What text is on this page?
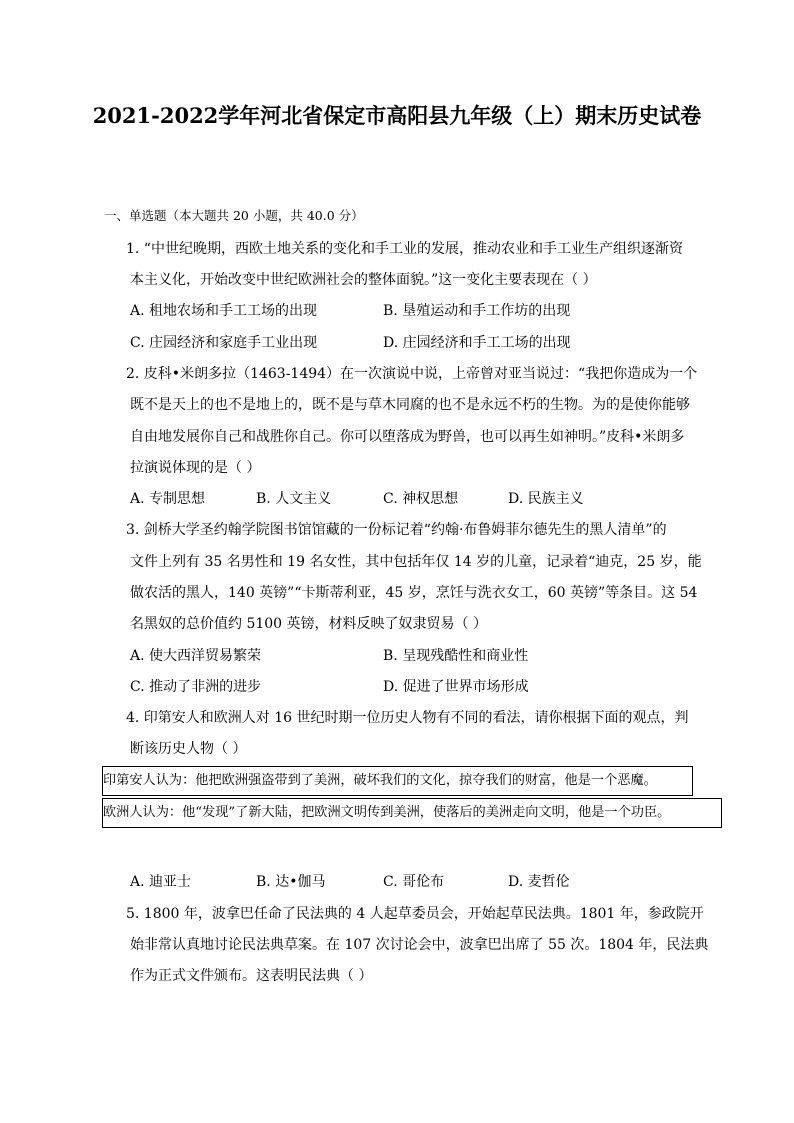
2021-2022学年河北省保定市高阳县九年级（上）期末历史试卷
一、单选题（本大题共 20 小题，共 40.0 分）
1. “中世纪晚期，西欧土地关系的变化和手工业的发展，推动农业和手工业生产组织逐渐资
本主义化，开始改变中世纪欧洲社会的整体面貌。”这一变化主要表现在（ ）
A. 租地农场和手工工场的出现	B. 垦殖运动和手工作坊的出现
C. 庄园经济和家庭手工业出现	D. 庄园经济和手工工场的出现
2. 皮科•米朗多拉（1463-1494）在一次演说中说，上帝曾对亚当说过：“我把你造成为一个
既不是天上的也不是地上的，既不是与草木同腐的也不是永远不朽的生物。为的是使你能够
自由地发展你自己和战胜你自己。你可以堕落成为野兽，也可以再生如神明。”皮科•米朗多
拉演说体现的是（ ）
A. 专制思想	B. 人文主义	C. 神权思想	D. 民族主义
3. 剑桥大学圣约翰学院图书馆馆藏的一份标记着“约翰·布鲁姆菲尔德先生的黑人清单”的
文件上列有 35 名男性和 19 名女性，其中包括年仅 14 岁的儿童，记录着“迪克，25 岁，能
做农活的黑人，140 英镑”“卡斯蒂利亚，45 岁，烹饪与洗衣女工，60 英镑”等条目。这 54
名黑奴的总价值约 5100 英镑，材料反映了奴隶贸易（ ）
A. 使大西洋贸易繁荣	B. 呈现残酷性和商业性
C. 推动了非洲的进步	D. 促进了世界市场形成
4. 印第安人和欧洲人对 16 世纪时期一位历史人物有不同的看法，请你根据下面的观点，判
断该历史人物（ ）
印第安人认为：他把欧洲强盗带到了美洲，破坏我们的文化，掠夺我们的财富，他是一个恶魔。
欧洲人认为：他“发现”了新大陆，把欧洲文明传到美洲，使落后的美洲走向文明，他是一个功臣。
A. 迪亚士	B. 达•伽马	C. 哥伦布	D. 麦哲伦
5. 1800 年，波拿巴任命了民法典的 4 人起草委员会，开始起草民法典。1801 年，参政院开
始非常认真地讨论民法典草案。在 107 次讨论会中，波拿巴出席了 55 次。1804 年，民法典
作为正式文件颁布。这表明民法典（ ）
